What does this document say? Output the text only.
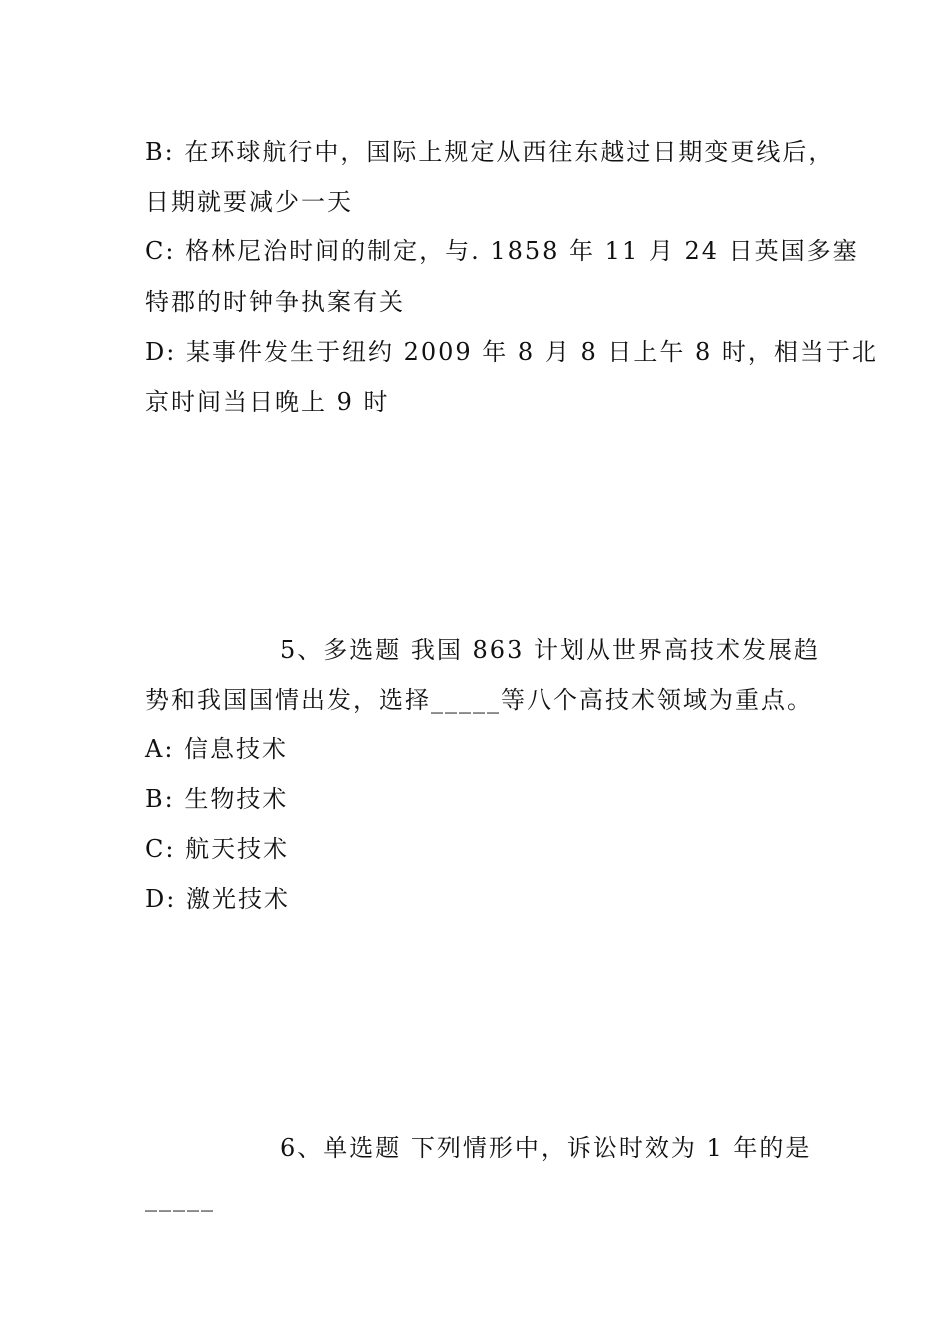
B: 在环球航行中，国际上规定从西往东越过日期变更线后，
日期就要减少一天
C: 格林尼治时间的制定，与. 1858 年 11 月 24 日英国多塞
特郡的时钟争执案有关
D: 某事件发生于纽约 2009 年 8 月 8 日上午 8 时，相当于北
京时间当日晚上 9 时
5、多选题 我国 863 计划从世界高技术发展趋
势和我国国情出发，选择_____等八个高技术领域为重点。
A: 信息技术
B: 生物技术
C: 航天技术
D: 激光技术
6、单选题 下列情形中，诉讼时效为 1 年的是
_____
